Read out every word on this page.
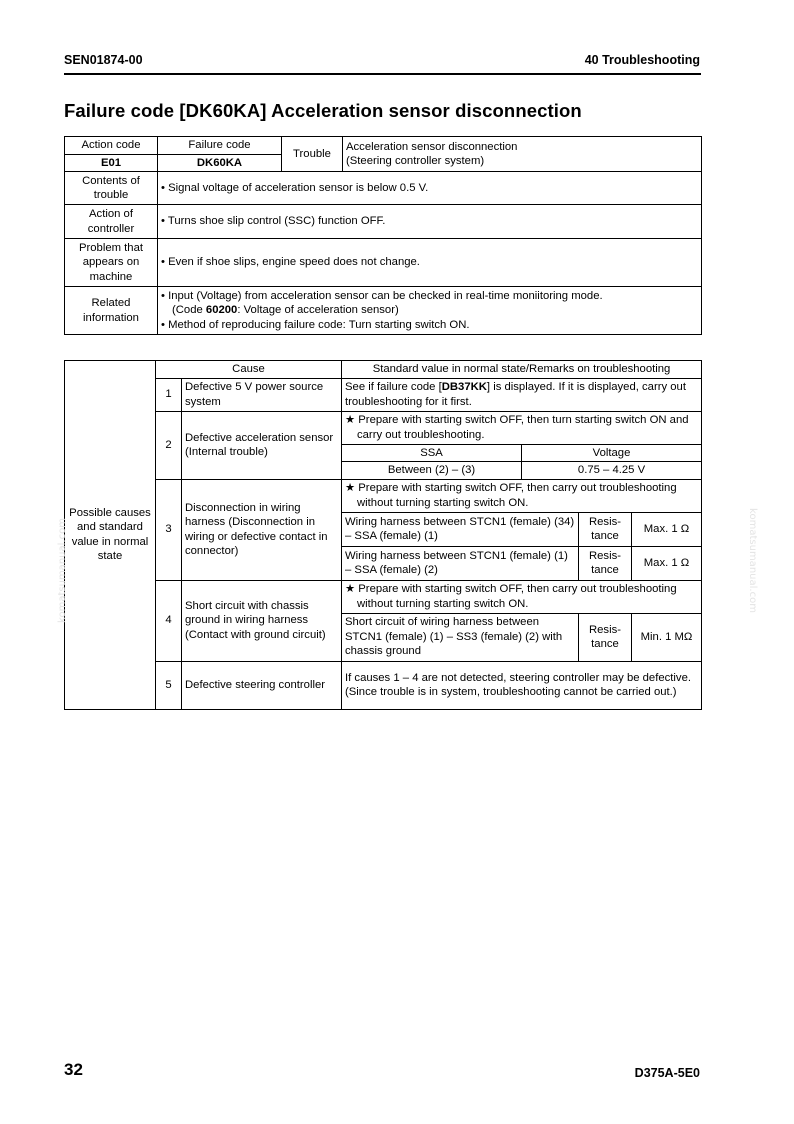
SEN01874-00	40 Troubleshooting
Failure code [DK60KA] Acceleration sensor disconnection
Action code	Failure code	Trouble	Acceleration sensor disconnection
(Steering controller system)

E01	DK60KA		
Contents of trouble	• Signal voltage of acceleration sensor is below 0.5 V.		
Action of controller	• Turns shoe slip control (SSC) function OFF.		
Problem that appears on machine	• Even if shoe slips, engine speed does not change.		
Related information	• Input (Voltage) from acceleration sensor can be checked in real-time moniitoring mode.
(Code 60200: Voltage of acceleration sensor)
• Method of reproducing failure code: Turn starting switch ON.		
Possible causes and standard value in normal state	Cause		Standard value in normal state/Remarks on troubleshooting			
	1	Defective 5 V power source system	See if failure code [DB37KK] is displayed. If it is displayed, carry out troubleshooting for it first.			
	2	Defective acceleration sensor (Internal trouble)	★ Prepare with starting switch OFF, then turn starting switch ON and carry out troubleshooting.			

			SSA	Voltage		
			Between (2) – (3)	0.75 – 4.25 V		
	3	Disconnection in wiring harness (Disconnection in wiring or defective contact in connector)	★ Prepare with starting switch OFF, then carry out troubleshooting without turning starting switch ON.			

			Wiring harness between STCN1 (female) (34) – SSA (female) (1)		Resis-tance	Max. 1 Ω
			Wiring harness between STCN1 (female) (1) – SSA (female) (2)		Resis-tance	Max. 1 Ω
	4	Short circuit with chassis ground in wiring harness (Contact with ground circuit)	★ Prepare with starting switch OFF, then carry out troubleshooting without turning starting switch ON.			

			Short circuit of wiring harness between STCN1 (female) (1) – SS3 (female) (2) with chassis ground		Resis-tance	Min. 1 MΩ
	5	Defective steering controller	If causes 1 – 4 are not detected, steering controller may be defective. (Since trouble is in system, troubleshooting cannot be carried out.)			
komatsumanual.com	komatsumanual.com
32	D375A-5E0
